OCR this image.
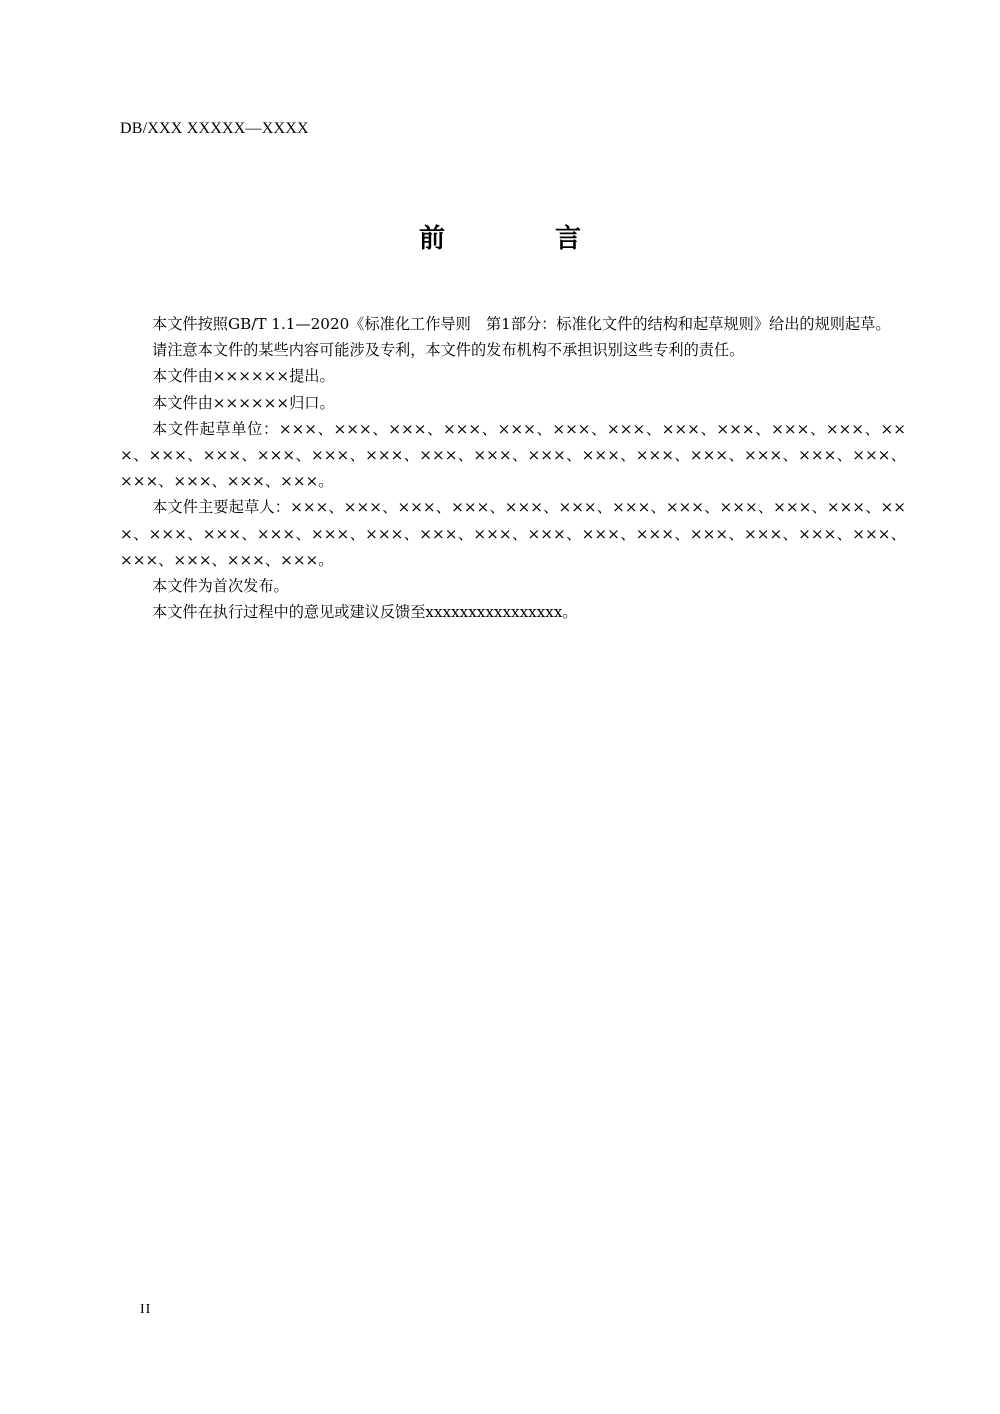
DB/XXX XXXXX—XXXX
前	言

本文件按照GB/T 1.1—2020《标准化工作导则　第1部分：标准化文件的结构和起草规则》给出的规则起草。

请注意本文件的某些内容可能涉及专利，本文件的发布机构不承担识别这些专利的责任。

本文件由××××××提出。

本文件由××××××归口。

本文件起草单位：×××、×××、×××、×××、×××、×××、×××、×××、×××、×××、×××、×××、×××、×××、×××、×××、×××、×××、×××、×××、×××、×××、×××、×××、×××、×××、×××、×××、×××、×××。

本文件主要起草人：×××、×××、×××、×××、×××、×××、×××、×××、×××、×××、×××、×××、×××、×××、×××、×××、×××、×××、×××、×××、×××、×××、×××、×××、×××、×××、×××、×××、×××、×××。

本文件为首次发布。

本文件在执行过程中的意见或建议反馈至xxxxxxxxxxxxxxxx。

II
